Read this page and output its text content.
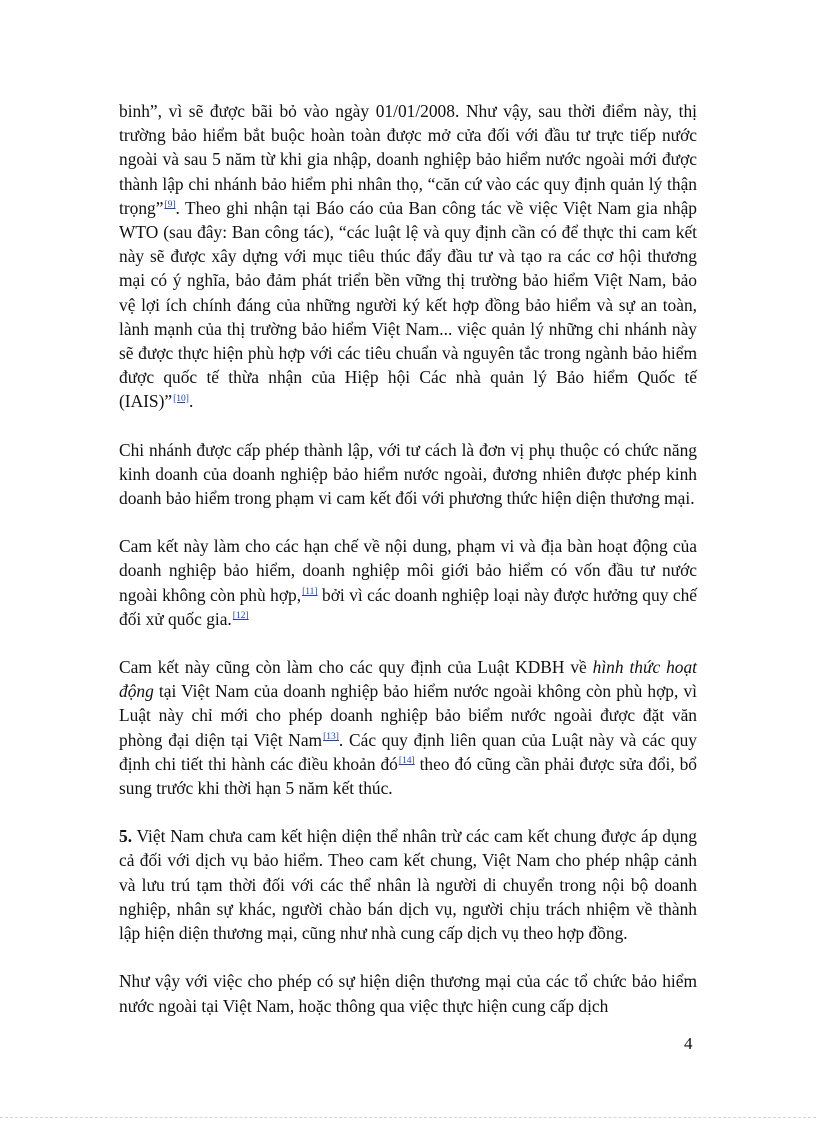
binh”, vì sẽ được bãi bỏ vào ngày 01/01/2008. Như vậy, sau thời điểm này, thị trường bảo hiểm bắt buộc hoàn toàn được mở cửa đối với đầu tư trực tiếp nước ngoài và sau 5 năm từ khi gia nhập, doanh nghiệp bảo hiểm nước ngoài mới được thành lập chi nhánh bảo hiểm phi nhân thọ, “căn cứ vào các quy định quản lý thận trọng”[9]. Theo ghi nhận tại Báo cáo của Ban công tác về việc Việt Nam gia nhập WTO (sau đây: Ban công tác), “các luật lệ và quy định cần có để thực thi cam kết này sẽ được xây dựng với mục tiêu thúc đẩy đầu tư và tạo ra các cơ hội thương mại có ý nghĩa, bảo đảm phát triển bền vững thị trường bảo hiểm Việt Nam, bảo vệ lợi ích chính đáng của những người ký kết hợp đồng bảo hiểm và sự an toàn, lành mạnh của thị trường bảo hiểm Việt Nam... việc quản lý những chi nhánh này sẽ được thực hiện phù hợp với các tiêu chuẩn và nguyên tắc trong ngành bảo hiểm được quốc tế thừa nhận của Hiệp hội Các nhà quản lý Bảo hiểm Quốc tế (IAIS)”[10].

Chi nhánh được cấp phép thành lập, với tư cách là đơn vị phụ thuộc có chức năng kinh doanh của doanh nghiệp bảo hiểm nước ngoài, đương nhiên được phép kinh doanh bảo hiểm trong phạm vi cam kết đối với phương thức hiện diện thương mại.

Cam kết này làm cho các hạn chế về nội dung, phạm vi và địa bàn hoạt động của doanh nghiệp bảo hiểm, doanh nghiệp môi giới bảo hiểm có vốn đầu tư nước ngoài không còn phù hợp,[11] bởi vì các doanh nghiệp loại này được hưởng quy chế đối xử quốc gia.[12]

Cam kết này cũng còn làm cho các quy định của Luật KDBH về hình thức hoạt động tại Việt Nam của doanh nghiệp bảo hiểm nước ngoài không còn phù hợp, vì Luật này chỉ mới cho phép doanh nghiệp bảo biểm nước ngoài được đặt văn phòng đại diện tại Việt Nam[13]. Các quy định liên quan của Luật này và các quy định chi tiết thi hành các điều khoản đó[14] theo đó cũng cần phải được sửa đổi, bổ sung trước khi thời hạn 5 năm kết thúc.

5. Việt Nam chưa cam kết hiện diện thể nhân trừ các cam kết chung được áp dụng cả đối với dịch vụ bảo hiểm. Theo cam kết chung, Việt Nam cho phép nhập cảnh và lưu trú tạm thời đối với các thể nhân là người di chuyển trong nội bộ doanh nghiệp, nhân sự khác, người chào bán dịch vụ, người chịu trách nhiệm về thành lập hiện diện thương mại, cũng như nhà cung cấp dịch vụ theo hợp đồng.

Như vậy với việc cho phép có sự hiện diện thương mại của các tổ chức bảo hiểm nước ngoài tại Việt Nam, hoặc thông qua việc thực hiện cung cấp dịch

4
